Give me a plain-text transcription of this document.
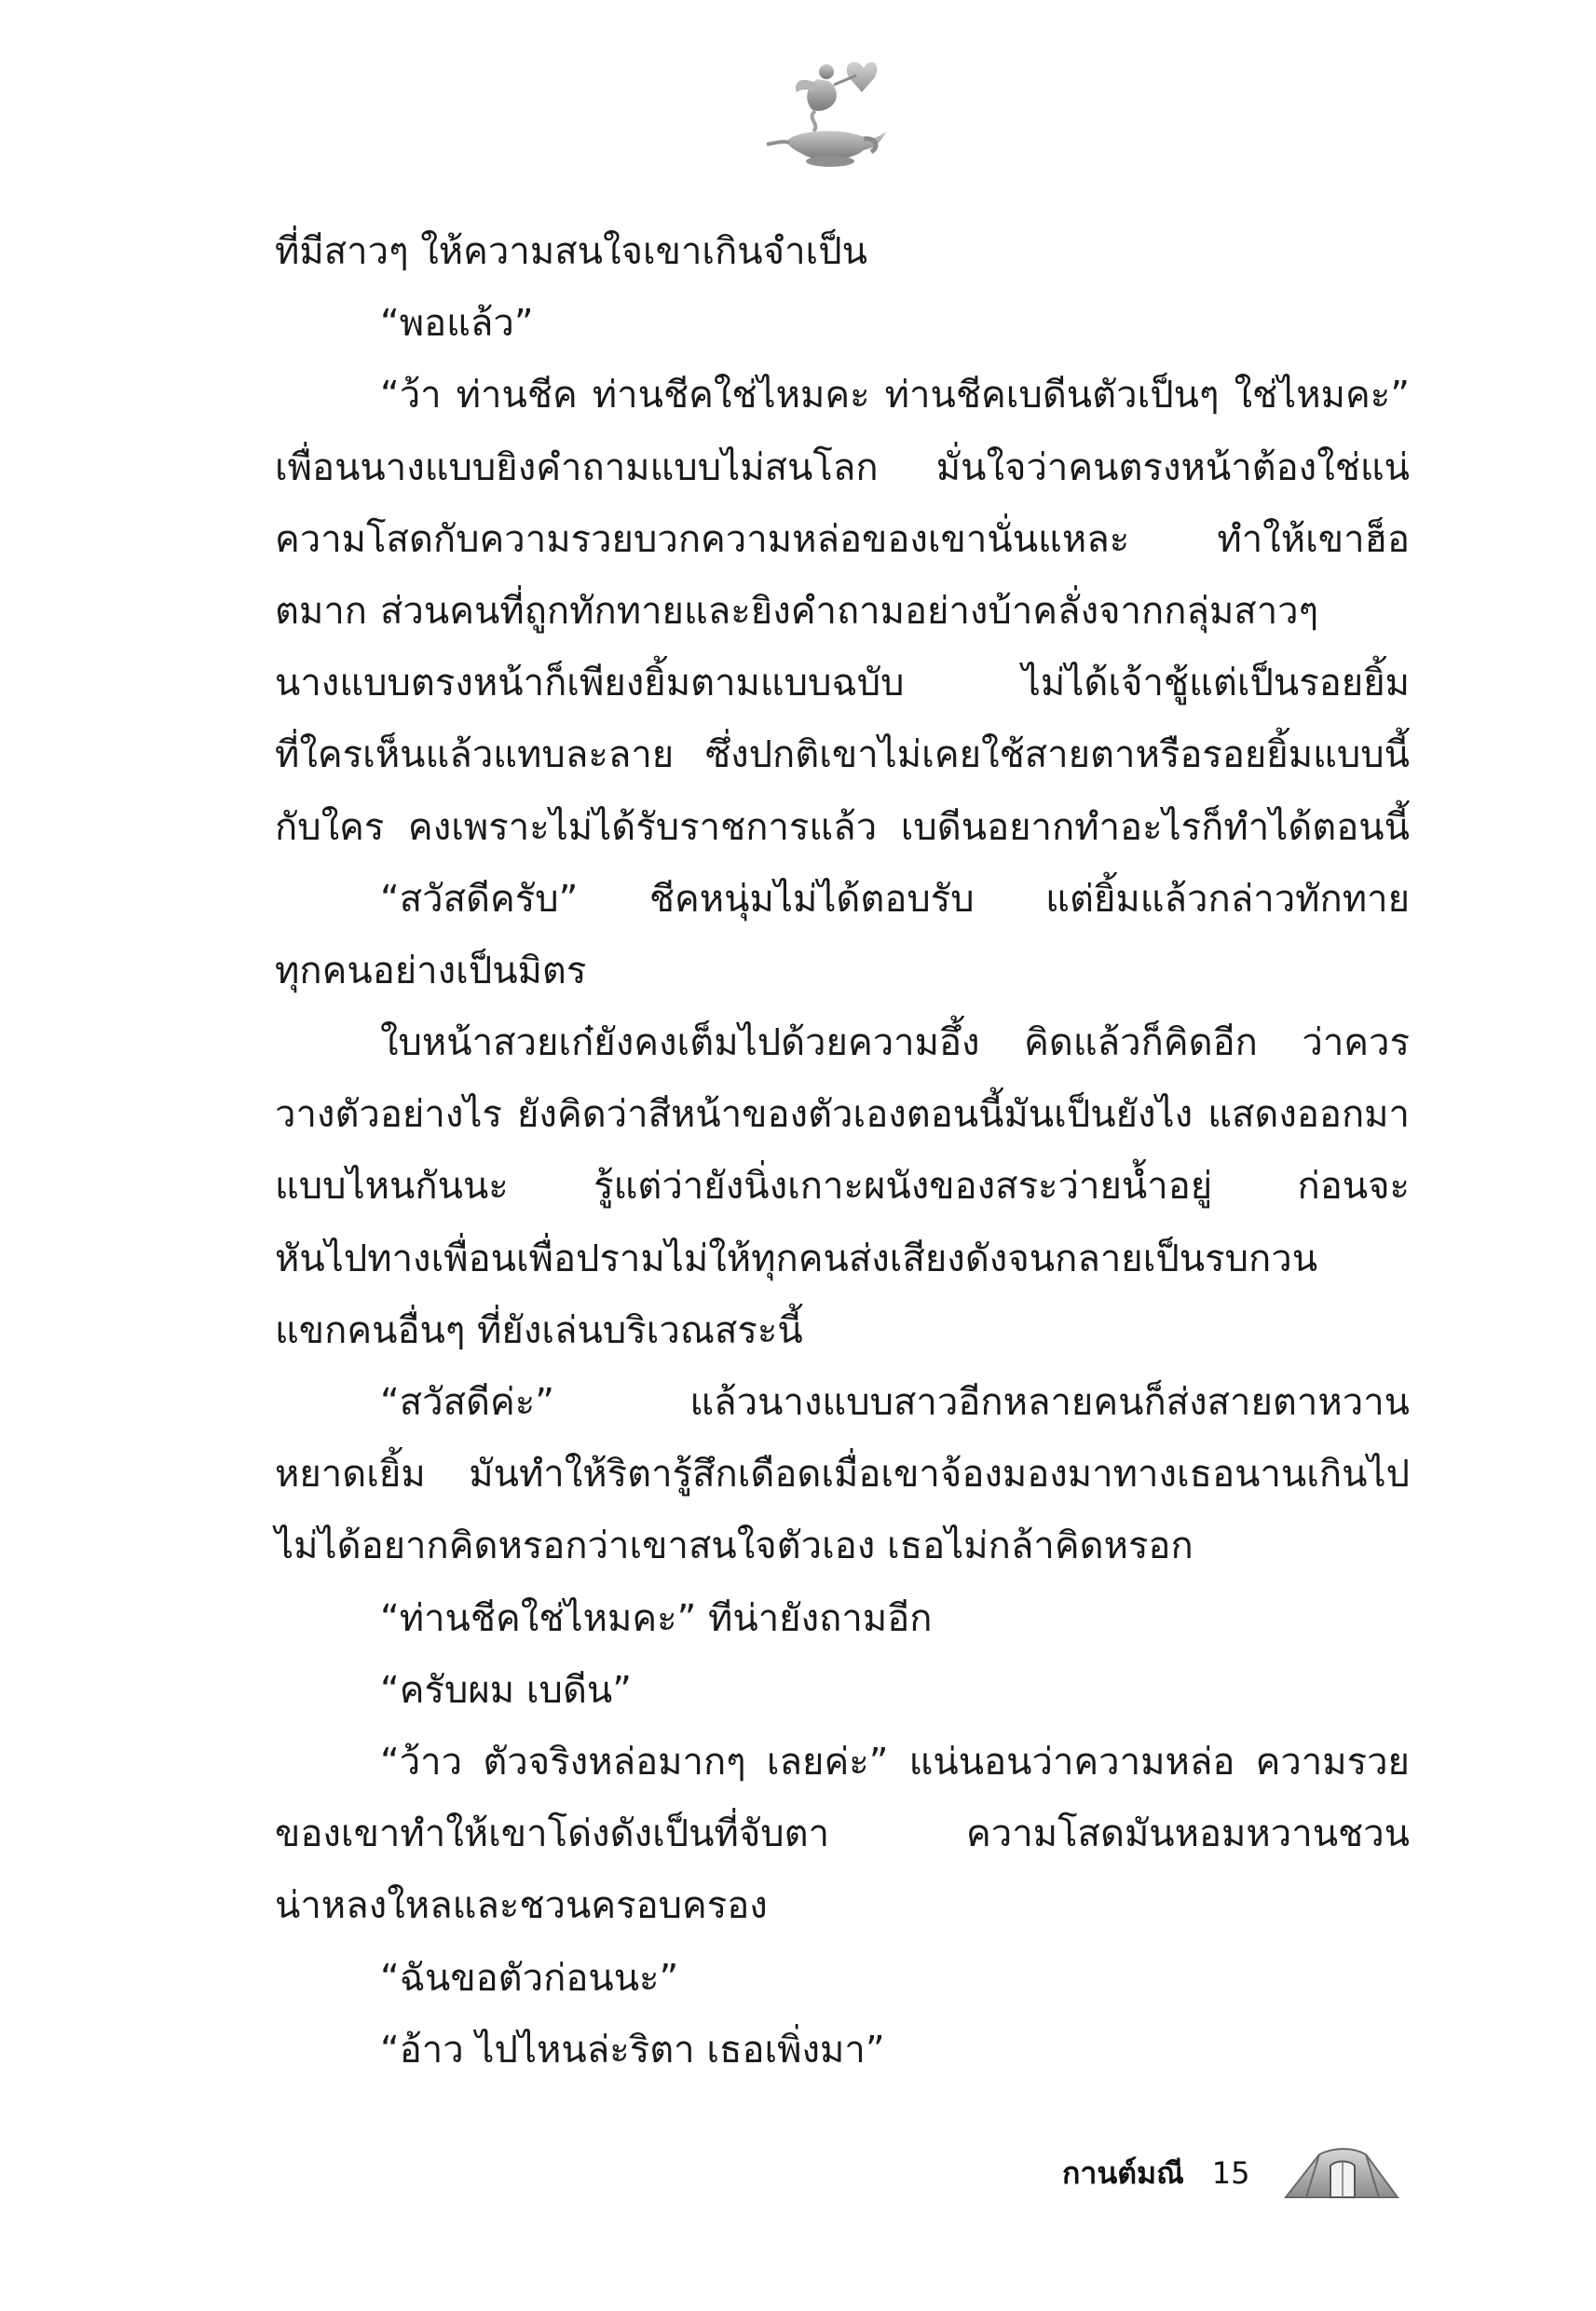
ที่มีสาวๆ ให้ความสนใจเขาเกินจำเป็น
“พอแล้ว”
“ว้า ท่านชีค ท่านชีคใช่ไหมคะ ท่านชีคเบดีนตัวเป็นๆ ใช่ไหมคะ”
เพื่อนนางแบบยิงคำถามแบบไม่สนโลก มั่นใจว่าคนตรงหน้าต้องใช่แน่
ความโสดกับความรวยบวกความหล่อของเขานั่นแหละ ทำให้เขาฮ็อตมาก ส่วนคนที่ถูกทักทายและยิงคำถามอย่างบ้าคลั่งจากกลุ่มสาวๆ
นางแบบตรงหน้าก็เพียงยิ้มตามแบบฉบับ ไม่ได้เจ้าชู้แต่เป็นรอยยิ้ม
ที่ใครเห็นแล้วแทบละลาย ซึ่งปกติเขาไม่เคยใช้สายตาหรือรอยยิ้มแบบนี้
กับใคร คงเพราะไม่ได้รับราชการแล้ว เบดีนอยากทำอะไรก็ทำได้ตอนนี้
“สวัสดีครับ” ชีคหนุ่มไม่ได้ตอบรับ แต่ยิ้มแล้วกล่าวทักทาย
ทุกคนอย่างเป็นมิตร
ใบหน้าสวยเก๋ยังคงเต็มไปด้วยความอึ้ง คิดแล้วก็คิดอีก ว่าควร
วางตัวอย่างไร ยังคิดว่าสีหน้าของตัวเองตอนนี้มันเป็นยังไง แสดงออกมา
แบบไหนกันนะ รู้แต่ว่ายังนิ่งเกาะผนังของสระว่ายน้ำอยู่ ก่อนจะ
หันไปทางเพื่อนเพื่อปรามไม่ให้ทุกคนส่งเสียงดังจนกลายเป็นรบกวน
แขกคนอื่นๆ ที่ยังเล่นบริเวณสระนี้
“สวัสดีค่ะ” แล้วนางแบบสาวอีกหลายคนก็ส่งสายตาหวาน
หยาดเยิ้ม มันทำให้ริตารู้สึกเดือดเมื่อเขาจ้องมองมาทางเธอนานเกินไป
ไม่ได้อยากคิดหรอกว่าเขาสนใจตัวเอง เธอไม่กล้าคิดหรอก
“ท่านชีคใช่ไหมคะ” ทีน่ายังถามอีก
“ครับผม เบดีน”
“ว้าว ตัวจริงหล่อมากๆ เลยค่ะ” แน่นอนว่าความหล่อ ความรวย
ของเขาทำให้เขาโด่งดังเป็นที่จับตา ความโสดมันหอมหวานชวน
น่าหลงใหลและชวนครอบครอง
“ฉันขอตัวก่อนนะ”
“อ้าว ไปไหนล่ะริตา เธอเพิ่งมา”
กานต์มณี 15
